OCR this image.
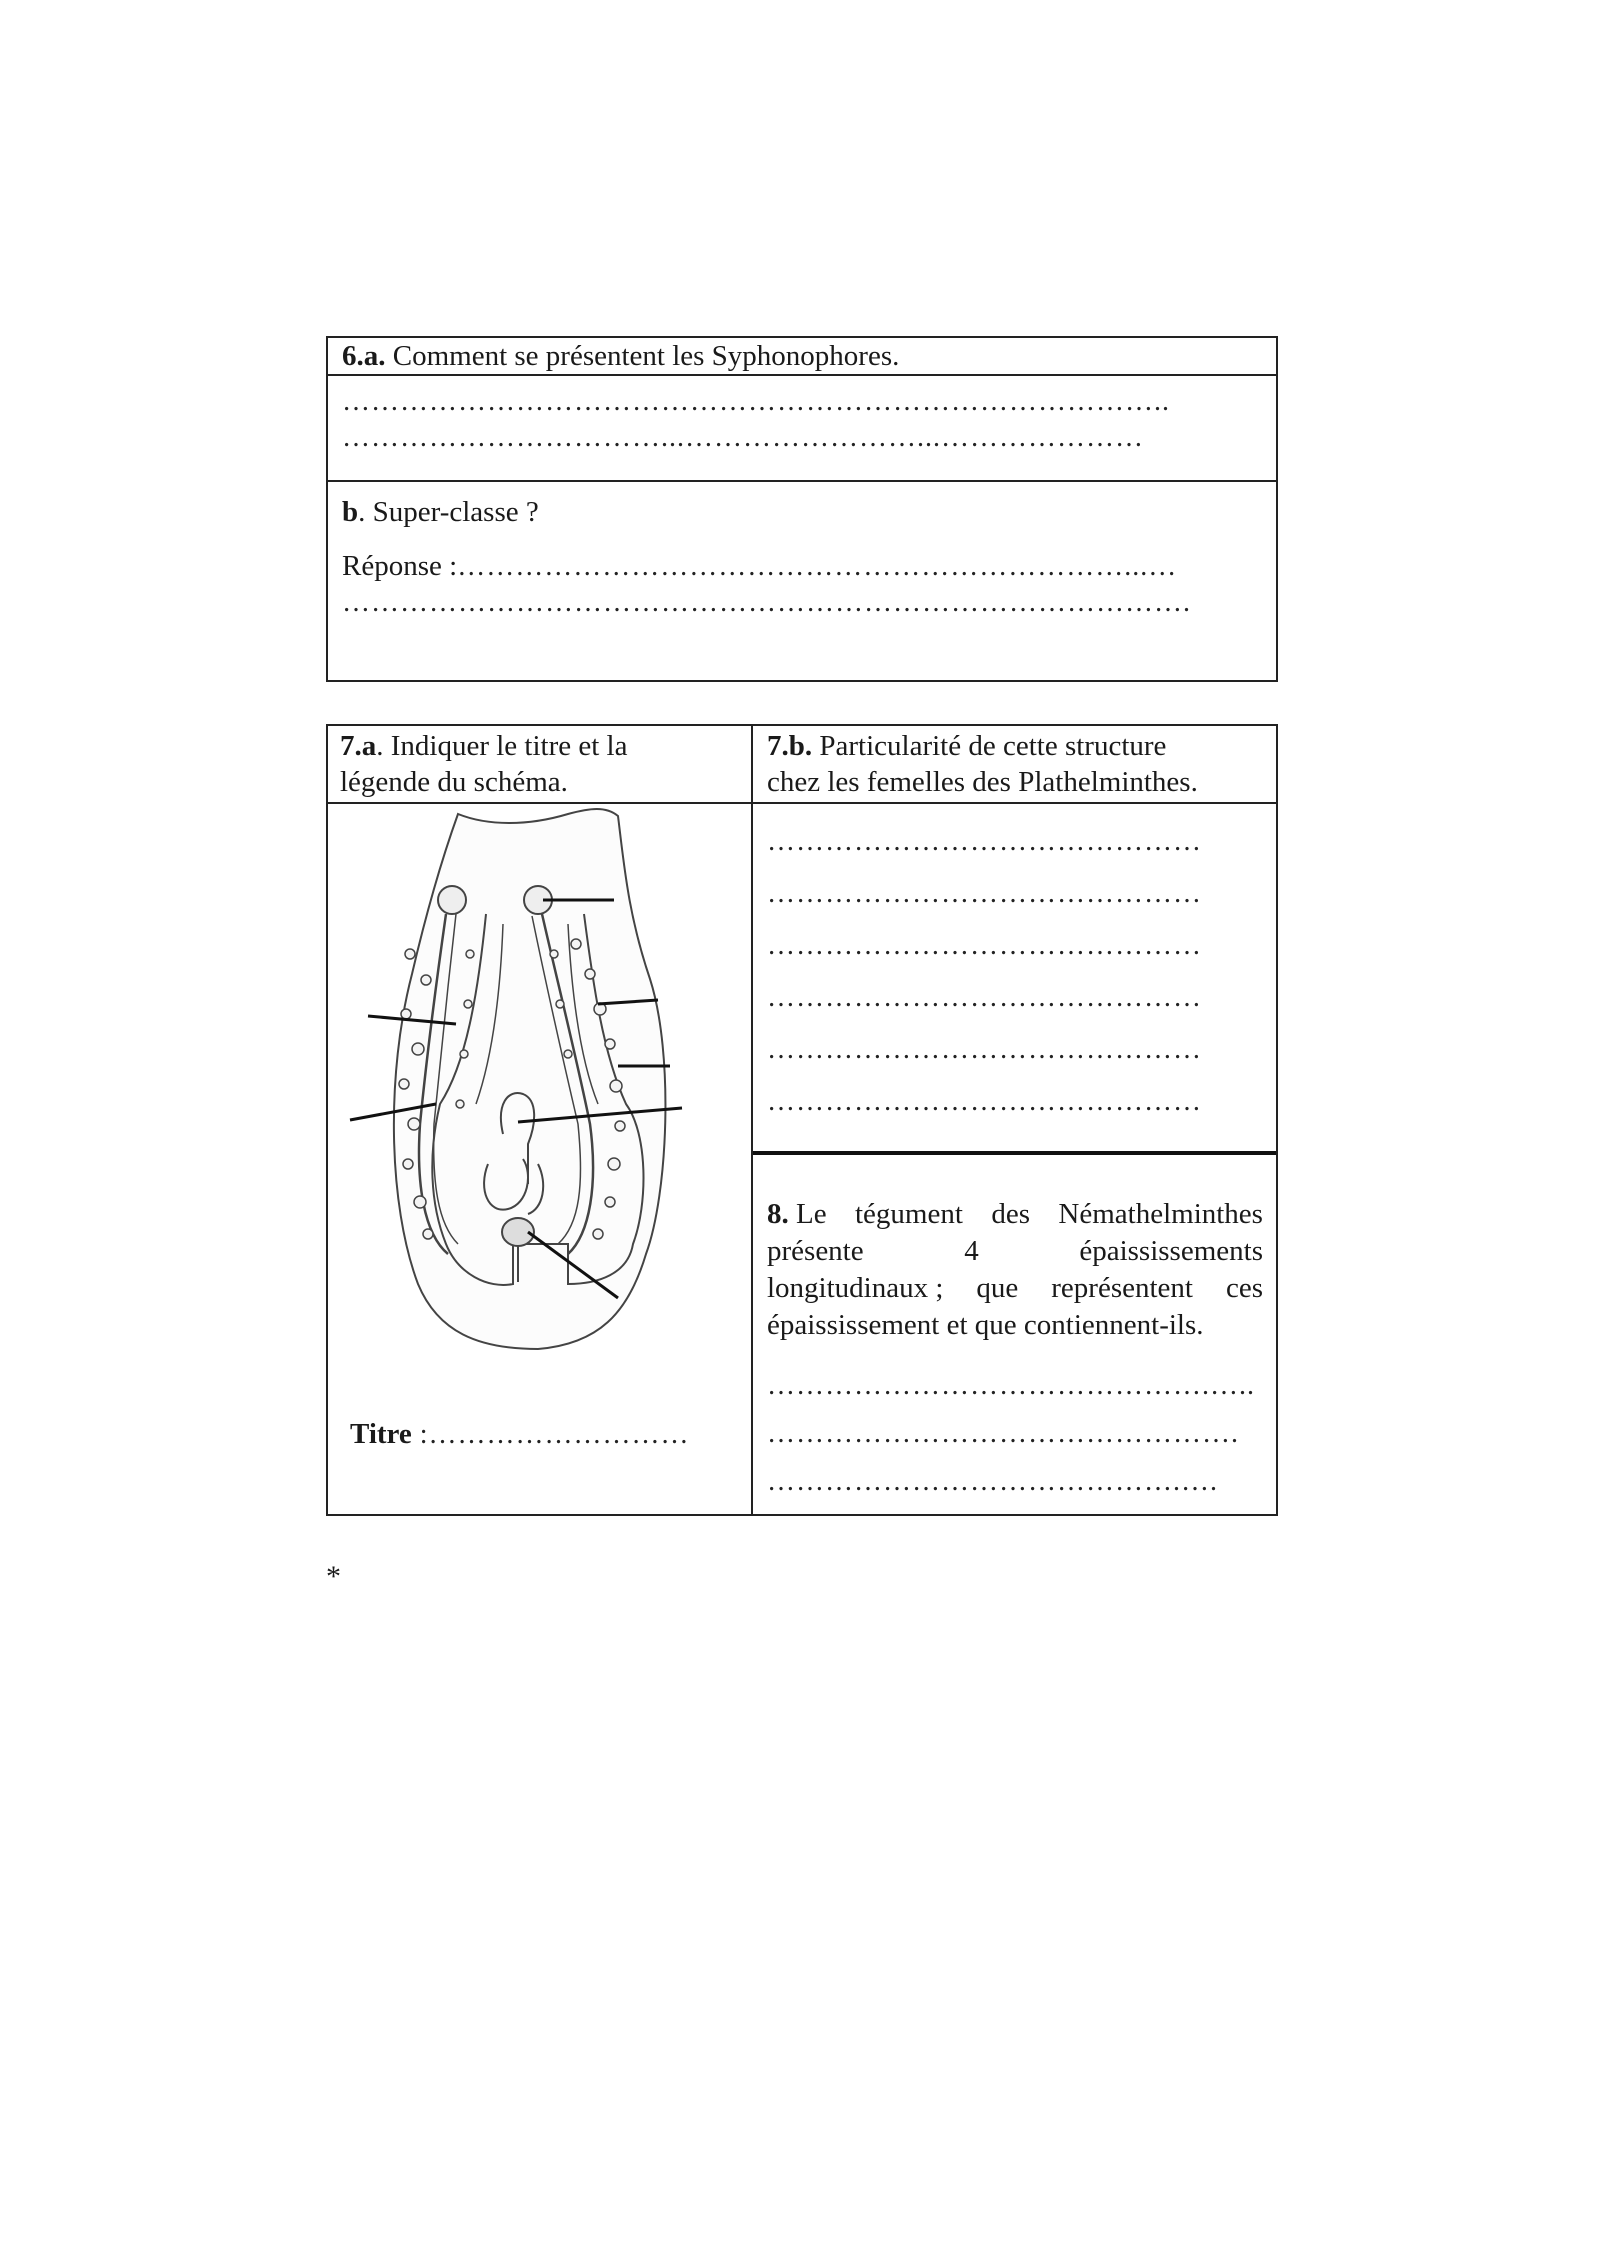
6.a. Comment se présentent les Syphonophores.
…………………………………………………………………………..
……………………………...……………………...…………………
b. Super-classe ?
Réponse :……………………………………………………………...…
…………………………………………………………………………….
7.a. Indiquer le titre et la
légende du schéma.
Titre :………………………
7.b. Particularité de cette structure
chez les femelles des Plathelminthes.
………………………………………
………………………………………
………………………………………
………………………………………
………………………………………
………………………………………
8. Le tégument des Némathelminthes
présente	4	épaississements
longitudinaux ; que représentent ces
épaississement et que contiennent-ils.
……………………………………….…..
………………………………………….
…………………………………….….
*
